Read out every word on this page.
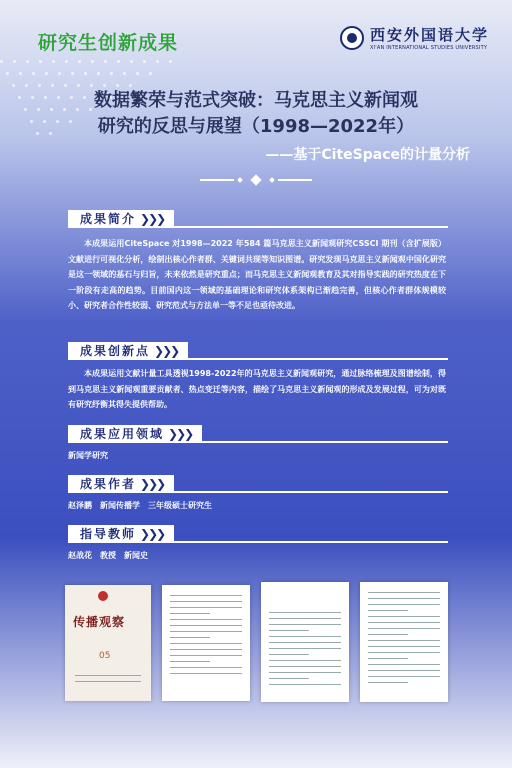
研究生创新成果	西安外国语大学
XI'AN INTERNATIONAL STUDIES UNIVERSITY
数据繁荣与范式突破：马克思主义新闻观
研究的反思与展望（1998—2022年）
——基于CiteSpace的计量分析
成果简介 ❯❯❯
本成果运用CiteSpace 对1998—2022 年584 篇马克思主义新闻观研究CSSCI 期刊（含扩展版）文献进行可视化分析，绘制出核心作者群、关键词共现等知识图谱。研究发现马克思主义新闻观中国化研究是这一领域的基石与归旨，未来依然是研究重点；而马克思主义新闻观教育及其对指导实践的研究热度在下一阶段有走高的趋势。目前国内这一领域的基础理论和研究体系架构已渐趋完善，但核心作者群体规模较小、研究者合作性较弱、研究范式与方法单一等不足也亟待改进。
成果创新点 ❯❯❯
本成果运用文献计量工具透视1998-2022年的马克思主义新闻观研究，通过脉络梳理及图谱绘制，得到马克思主义新闻观重要贡献者、热点变迁等内容，描绘了马克思主义新闻观的形成及发展过程，可为对既有研究纾衡其得失提供帮助。
成果应用领域 ❯❯❯
新闻学研究
成果作者 ❯❯❯
赵泽鹏　新闻传播学　三年级硕士研究生
指导教师 ❯❯❯
赵战花　教授　新闻史
传播观察
05
